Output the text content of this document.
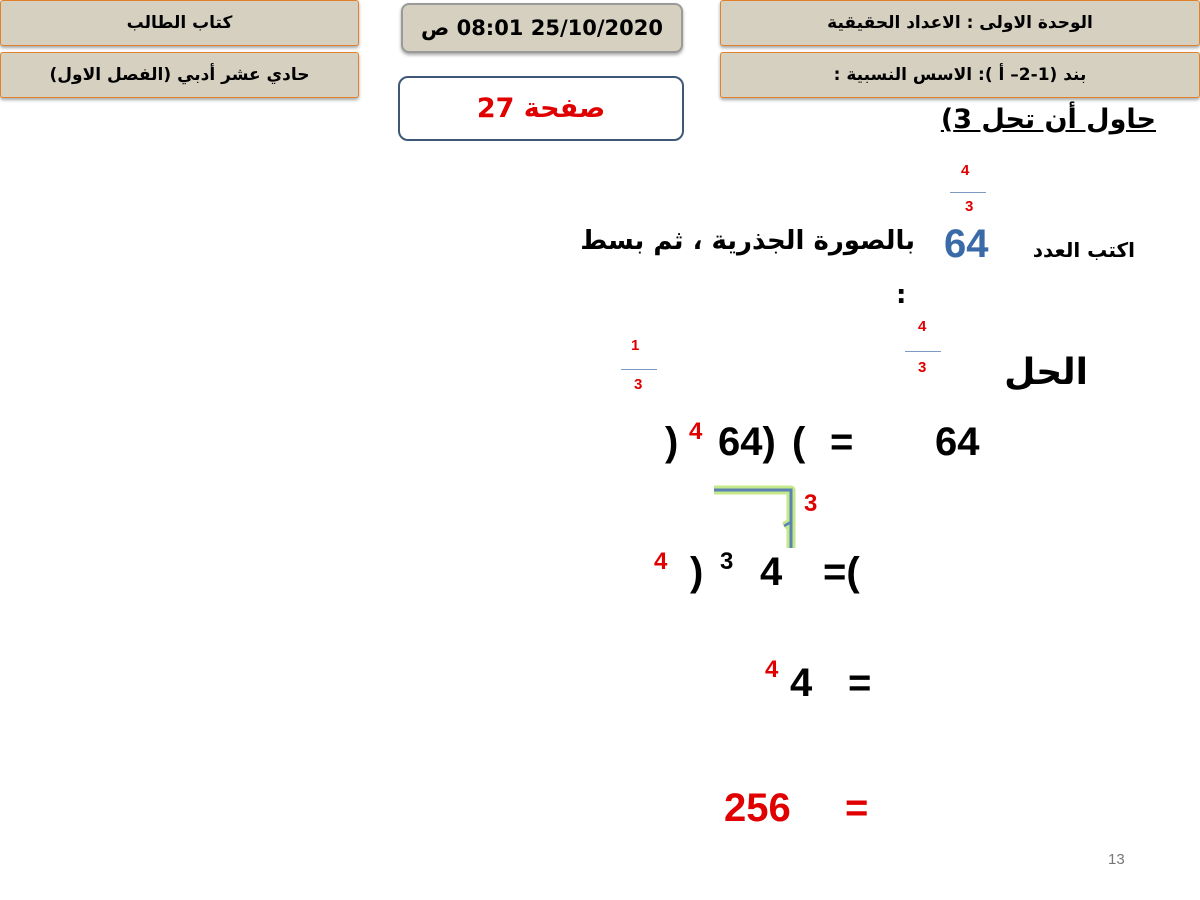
كتاب الطالب
حادي عشر أدبي (الفصل الاول)
الوحدة الاولى : الاعداد الحقيقية
بند (1-2– أ ): الاسس النسبية :
25/10/2020 08:01 ص
صفحة 27	حاول أن تحل 3)
4
3
اكتب العدد
64
بالصورة الجذرية ، ثم بسط
:
الحل
4
3
1
3
64
=
(
64)
4
)
3
=(
4
3
)
4
=
4
4
=
256
13
